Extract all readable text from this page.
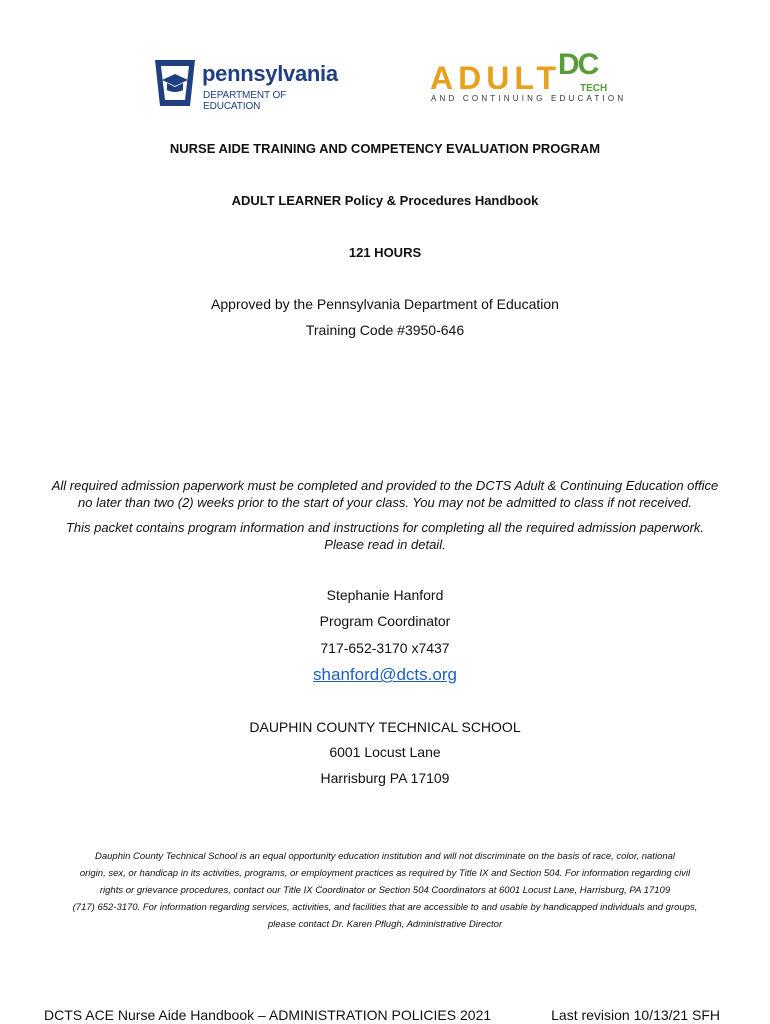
pennsylvania
DEPARTMENT OF EDUCATION
ADULT
DC
TECH
AND CONTINUING EDUCATION
NURSE AIDE TRAINING AND COMPETENCY EVALUATION PROGRAM
ADULT LEARNER Policy & Procedures Handbook
121 HOURS
Approved by the Pennsylvania Department of Education
Training Code #3950-646
All required admission paperwork must be completed and provided to the DCTS Adult & Continuing Education office
no later than two (2) weeks prior to the start of your class. You may not be admitted to class if not received.
This packet contains program information and instructions for completing all the required admission paperwork.
Please read in detail.
Stephanie Hanford
Program Coordinator
717-652-3170 x7437
shanford@dcts.org
DAUPHIN COUNTY TECHNICAL SCHOOL
6001 Locust Lane
Harrisburg PA 17109
Dauphin County Technical School is an equal opportunity education institution and will not discriminate on the basis of race, color, national
origin, sex, or handicap in its activities, programs, or employment practices as required by Title IX and Section 504. For information regarding civil
rights or grievance procedures, contact our Title IX Coordinator or Section 504 Coordinators at 6001 Locust Lane, Harrisburg, PA 17109
(717) 652-3170. For information regarding services, activities, and facilities that are accessible to and usable by handicapped individuals and groups,
please contact Dr. Karen Pflugh, Administrative Director
DCTS ACE Nurse Aide Handbook – ADMINISTRATION POLICIES 2021	Last revision 10/13/21 SFH
